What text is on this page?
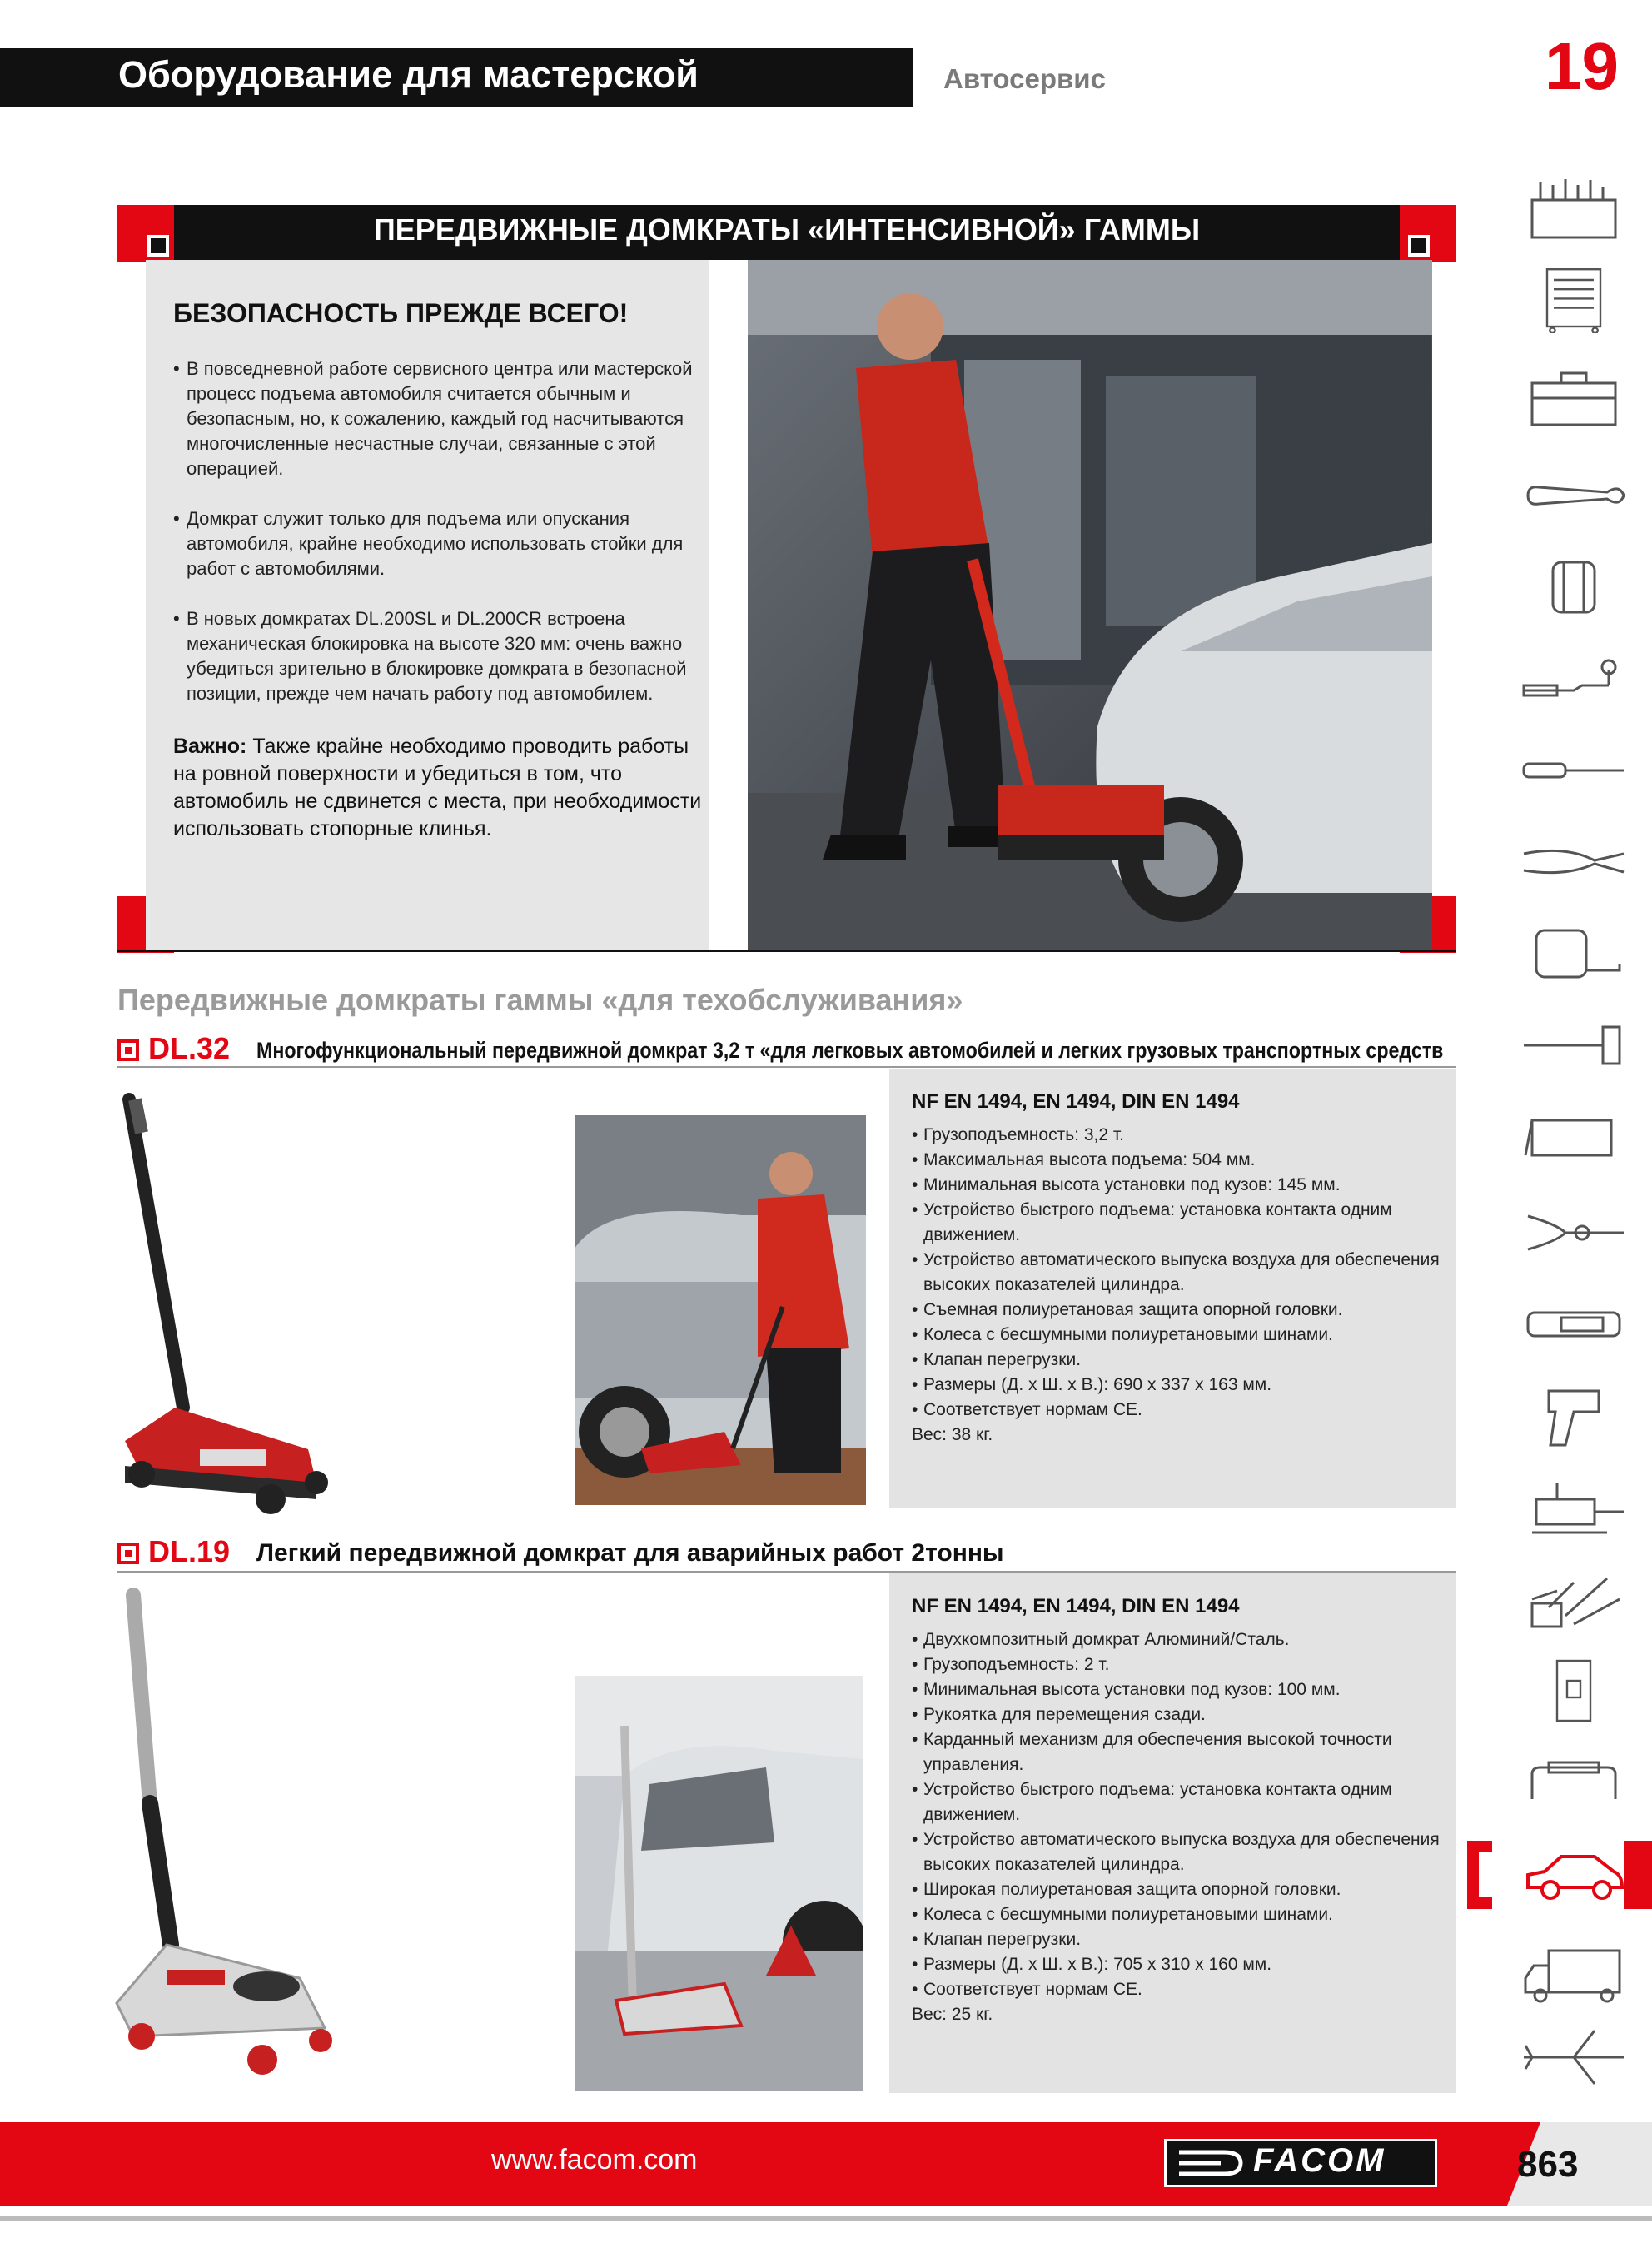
Оборудование для мастерской	Автосервис	19
ПЕРЕДВИЖНЫЕ ДОМКРАТЫ «ИНТЕНСИВНОЙ» ГАММЫ
БЕЗОПАСНОСТЬ ПРЕЖДЕ ВСЕГО!
• В повседневной работе сервисного центра или мастерской процесс подъема автомобиля считается обычным и безопасным, но, к сожалению, каждый год насчитываются многочисленные несчастные случаи, связанные с этой операцией.
• Домкрат служит только для подъема или опускания автомобиля, крайне необходимо использовать стойки для работ с автомобилями.
• В новых домкратах DL.200SL и DL.200CR встроена механическая блокировка на высоте 320 мм: очень важно убедиться зрительно в блокировке домкрата в безопасной позиции, прежде чем начать работу под автомобилем.
Важно: Также крайне необходимо проводить работы на ровной поверхности и убедиться в том, что автомобиль не сдвинется с места, при необходимости использовать стопорные клинья.
Передвижные домкраты гаммы «для техобслуживания»
DL.32 Многофункциональный передвижной домкрат 3,2 т «для легковых автомобилей и легких грузовых транспортных средств
NF EN 1494, EN 1494, DIN EN 1494
• Грузоподъемность: 3,2 т.
• Максимальная высота подъема: 504 мм.
• Минимальная высота установки под кузов: 145 мм.
• Устройство быстрого подъема: установка контакта одним движением.
• Устройство автоматического выпуска воздуха для обеспечения высоких показателей цилиндра.
• Съемная полиуретановая защита опорной головки.
• Колеса с бесшумными полиуретановыми шинами.
• Клапан перегрузки.
• Размеры (Д. х Ш. х В.): 690 x 337 x 163 мм.
• Соответствует нормам СЕ.
Вес: 38 кг.
DL.19 Легкий передвижной домкрат для аварийных работ 2тонны
NF EN 1494, EN 1494, DIN EN 1494
• Двухкомпозитный домкрат Алюминий/Сталь.
• Грузоподъемность: 2 т.
• Минимальная высота установки под кузов: 100 мм.
• Рукоятка для перемещения сзади.
• Карданный механизм для обеспечения высокой точности управления.
• Устройство быстрого подъема: установка контакта одним движением.
• Устройство автоматического выпуска воздуха для обеспечения высоких показателей цилиндра.
• Широкая полиуретановая защита опорной головки.
• Колеса с бесшумными полиуретановыми шинами.
• Клапан перегрузки.
• Размеры (Д. х Ш. х В.): 705 x 310 x 160 мм.
• Соответствует нормам СЕ.
Вес: 25 кг.
www.facom.com	FACOM	863
